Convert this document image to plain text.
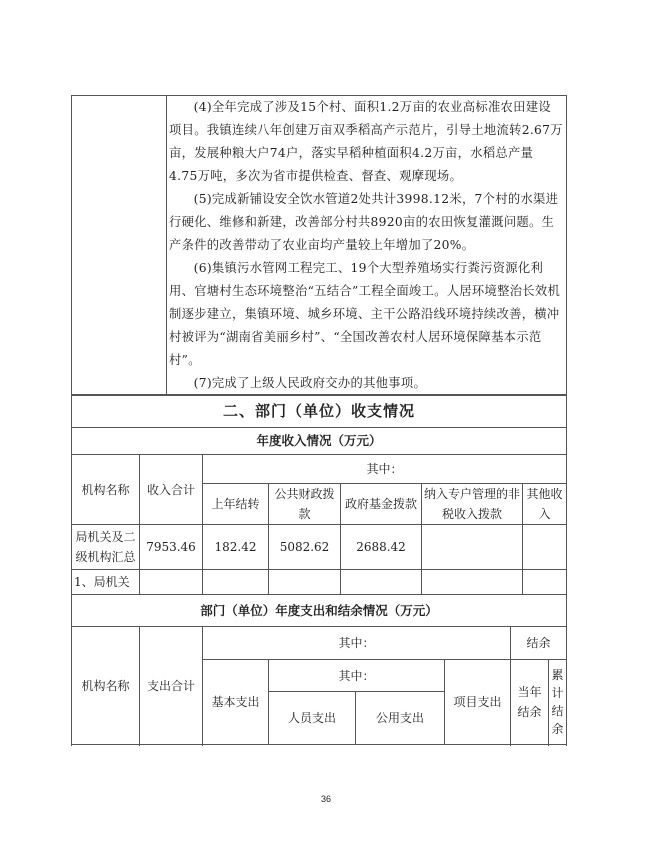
(4)全年完成了涉及15个村、面积1.2万亩的农业高标准农田建设项目。我镇连续八年创建万亩双季稻高产示范片，引导土地流转2.67万亩，发展种粮大户74户，落实早稻种植面积4.2万亩，水稻总产量 4.75万吨，多次为省市提供检查、督查、观摩现场。

(5)完成新铺设安全饮水管道2处共计3998.12米，7个村的水渠进行硬化、维修和新建，改善部分村共8920亩的农田恢复灌溉问题。生产条件的改善带动了农业亩均产量较上年增加了20%。

(6)集镇污水管网工程完工、19个大型养殖场实行粪污资源化利用、官塘村生态环境整治“五结合”工程全面竣工。人居环境整治长效机制逐步建立，集镇环境、城乡环境、主干公路沿线环境持续改善，横冲村被评为“湖南省美丽乡村”、“全国改善农村人居环境保障基本示范村”。

(7)完成了上级人民政府交办的其他事项。

二、部门（单位）收支情况						
年度收入情况（万元）						
机构名称	收入合计	其中：				
		上年结转	公共财政拨款	政府基金拨款	纳入专户管理的非税收入拨款	其他收入
局机关及二级机构汇总	7953.46	182.42	5082.62	2688.42		
1、局机关						
部门（单位）年度支出和结余情况（万元）							
机构名称	支出合计	其中：				结余	
		基本支出	其中：		项目支出	当年结余	累计结余
			人员支出	公用支出			

36
